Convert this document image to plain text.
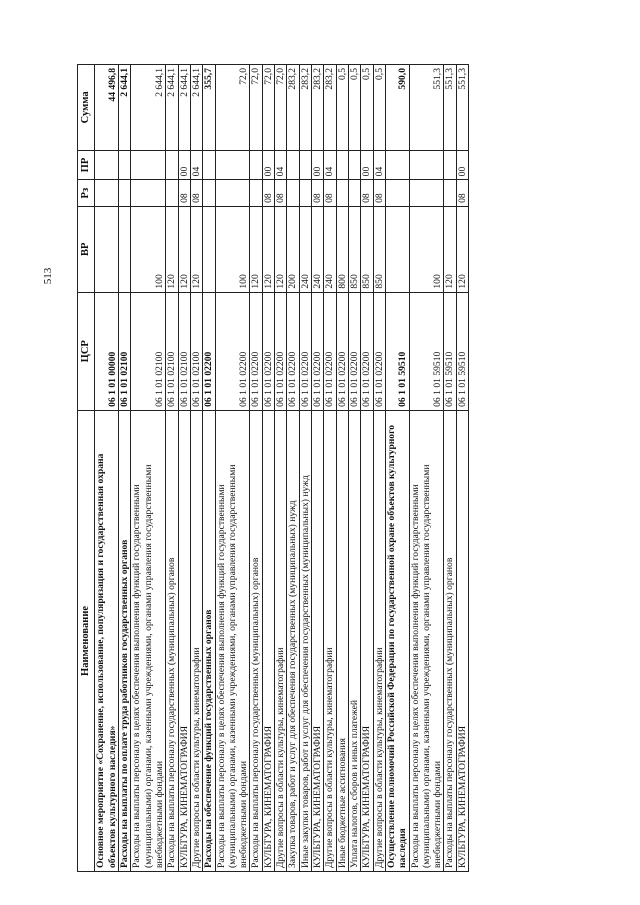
513
Наименование	ЦСР	ВР	Рз	ПР	Сумма
Основное мероприятие «Сохранение, использование, популяризация и государственная охрана объектов культурного наследия»	06 1 01 00000				44 496,8
Расходы на выплаты по оплате труда работников государственных органов	06 1 01 02100				2 644,1
Расходы на выплаты персоналу в целях обеспечения выполнения функций государственными (муниципальными) органами, казенными учреждениями, органами управления государственными внебюджетными фондами	06 1 01 02100	100			2 644,1
Расходы на выплаты персоналу государственных (муниципальных) органов	06 1 01 02100	120			2 644,1
КУЛЬТУРА, КИНЕМАТОГРАФИЯ	06 1 01 02100	120	08	00	2 644,1
Другие вопросы в области культуры, кинематографии	06 1 01 02100	120	08	04	2 644,1
Расходы на обеспечение функций государственных органов	06 1 01 02200				355,7
Расходы на выплаты персоналу в целях обеспечения выполнения функций государственными (муниципальными) органами, казенными учреждениями, органами управления государственными внебюджетными фондами	06 1 01 02200	100			72,0
Расходы на выплаты персоналу государственных (муниципальных) органов	06 1 01 02200	120			72,0
КУЛЬТУРА, КИНЕМАТОГРАФИЯ	06 1 01 02200	120	08	00	72,0
Другие вопросы в области культуры, кинематографии	06 1 01 02200	120	08	04	72,0
Закупка товаров, работ и услуг для обеспечения государственных (муниципальных) нужд	06 1 01 02200	200			283,2
Иные закупки товаров, работ и услуг для обеспечения государственных (муниципальных) нужд	06 1 01 02200	240			283,2
КУЛЬТУРА, КИНЕМАТОГРАФИЯ	06 1 01 02200	240	08	00	283,2
Другие вопросы в области культуры, кинематографии	06 1 01 02200	240	08	04	283,2
Иные бюджетные ассигнования	06 1 01 02200	800			0,5
Уплата налогов, сборов и иных платежей	06 1 01 02200	850			0,5
КУЛЬТУРА, КИНЕМАТОГРАФИЯ	06 1 01 02200	850	08	00	0,5
Другие вопросы в области культуры, кинематографии	06 1 01 02200	850	08	04	0,5
Осуществление полномочий Российской Федерации по государственной охране объектов культурного наследия	06 1 01 59510				590,0
Расходы на выплаты персоналу в целях обеспечения выполнения функций государственными (муниципальными) органами, казенными учреждениями, органами управления государственными внебюджетными фондами	06 1 01 59510	100			551,3
Расходы на выплаты персоналу государственных (муниципальных) органов	06 1 01 59510	120			551,3
КУЛЬТУРА, КИНЕМАТОГРАФИЯ	06 1 01 59510	120	08	00	551,3
